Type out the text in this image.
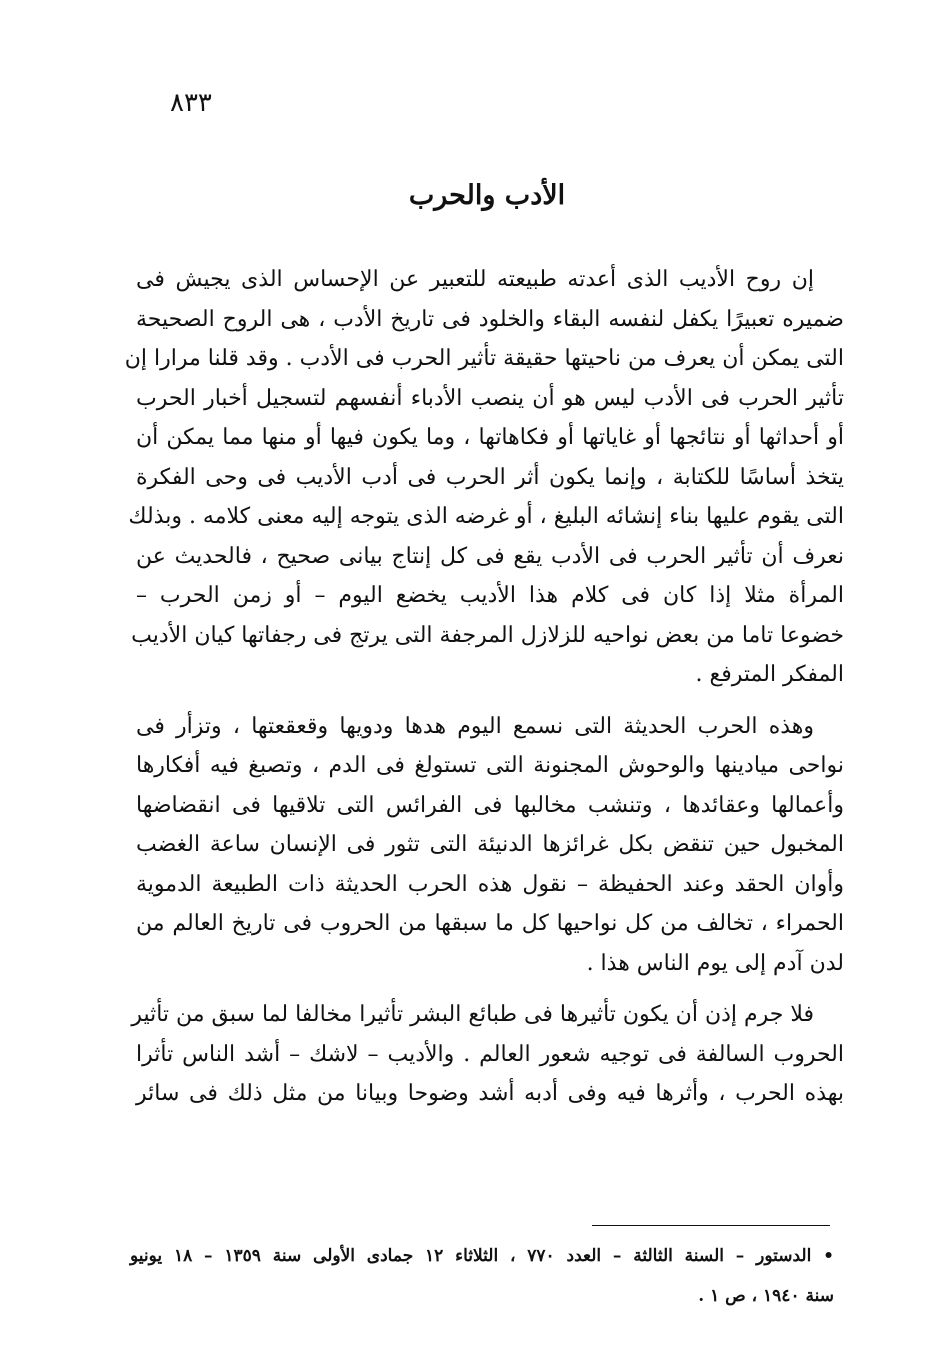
٨٣٣
الأدب والحرب
إن روح الأديب الذى أعدته طبيعته للتعبير عن الإحساس الذى يجيش فى
ضميره تعبيرًا يكفل لنفسه البقاء والخلود فى تاريخ الأدب ، هى الروح الصحيحة
التى يمكن أن يعرف من ناحيتها حقيقة تأثير الحرب فى الأدب . وقد قلنا مرارا إن
تأثير الحرب فى الأدب ليس هو أن ينصب الأدباء أنفسهم لتسجيل أخبار الحرب
أو أحداثها أو نتائجها أو غاياتها أو فكاهاتها ، وما يكون فيها أو منها مما يمكن أن
يتخذ أساسًا للكتابة ، وإنما يكون أثر الحرب فى أدب الأديب فى وحى الفكرة
التى يقوم عليها بناء إنشائه البليغ ، أو غرضه الذى يتوجه إليه معنى كلامه . وبذلك
نعرف أن تأثير الحرب فى الأدب يقع فى كل إنتاج بيانى صحيح ، فالحديث عن
المرأة مثلا إذا كان فى كلام هذا الأديب يخضع اليوم – أو زمن الحرب –
خضوعا تاما من بعض نواحيه للزلازل المرجفة التى يرتج فى رجفاتها كيان الأديب
المفكر المترفع .
وهذه الحرب الحديثة التى نسمع اليوم هدها ودويها وقعقعتها ، وتزأر فى
نواحى ميادينها والوحوش المجنونة التى تستولغ فى الدم ، وتصبغ فيه أفكارها
وأعمالها وعقائدها ، وتنشب مخالبها فى الفرائس التى تلاقيها فى انقضاضها
المخبول حين تنقض بكل غرائزها الدنيئة التى تثور فى الإنسان ساعة الغضب
وأوان الحقد وعند الحفيظة – نقول هذه الحرب الحديثة ذات الطبيعة الدموية
الحمراء ، تخالف من كل نواحيها كل ما سبقها من الحروب فى تاريخ العالم من
لدن آدم إلى يوم الناس هذا .
فلا جرم إذن أن يكون تأثيرها فى طبائع البشر تأثيرا مخالفا لما سبق من تأثير
الحروب السالفة فى توجيه شعور العالم . والأديب – لاشك – أشد الناس تأثرا
بهذه الحرب ، وأثرها فيه وفى أدبه أشد وضوحا وبيانا من مثل ذلك فى سائر
• الدستور – السنة الثالثة – العدد ٧٧٠ ، الثلاثاء ١٢ جمادى الأولى سنة ١٣٥٩ – ١٨ يونيو
سنة ١٩٤٠ ، ص ١ .
